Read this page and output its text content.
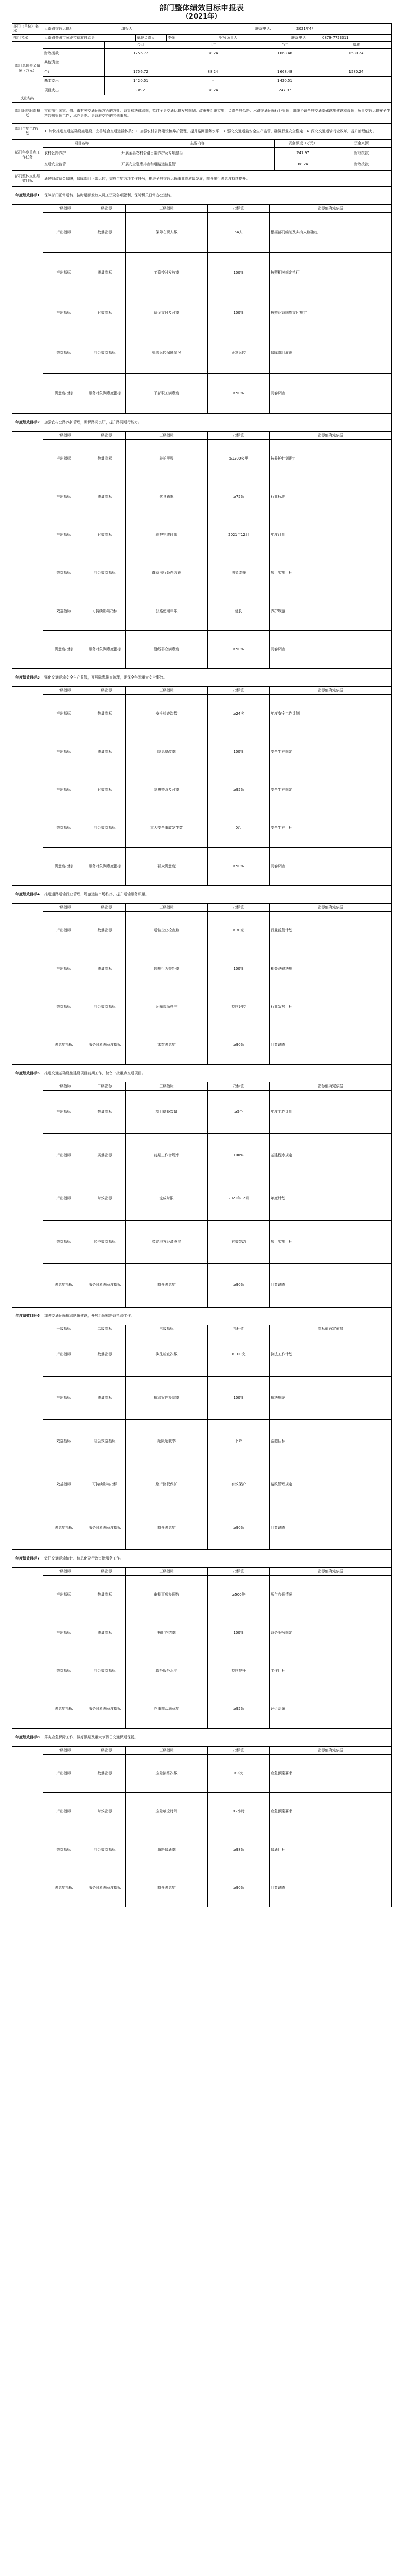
部门整体绩效目标申报表
（2021年）
部门（单位）名称	云南省交通运输厅	填报人：		联系电话：	2021年4月
部门名称	云南省普洱市澜沧拉祜族自治县	单位负责人	李强	财务负责人		联系电话	0879-7723311
部门总体资金情况（万元）		合计	上年	当年	增减
	财政拨款	1756.72	88.24	1668.48	1580.24
	其他资金				
	合计	1756.72	88.24	1668.48	1580.24
	基本支出	1420.51	-	1420.51	
	项目支出	336.21	88.24	247.97	
支出结构					
部门职能职责概述	贯彻执行国家、省、市有关交通运输方面的方针、政策和法律法规，拟订全县交通运输发展规划、政策并组织实施；负责全县公路、水路交通运输行业管理；组织协调全县交通基础设施建设和管理；负责交通运输安全生产监督管理工作；承办县委、县政府交办的其他事项。
部门年度工作计划	1. 加快推进交通基础设施建设，完善综合交通运输体系；2. 加强农村公路建设和养护管理，提升路网服务水平；3. 强化交通运输安全生产监管，确保行业安全稳定；4. 深化交通运输行业改革，提升治理能力。
部门年度重点工作任务	项目名称	主要内容	资金额度（万元）	资金来源
	农村公路养护	开展全县农村公路日常养护及专项整治	247.97	财政拨款
	交通安全监管	开展安全隐患排查和道路运输监管	88.24	财政拨款
部门整体支出绩效目标	通过财政资金保障，保障部门正常运转，完成年度各项工作任务，推进全县交通运输事业高质量发展，群众出行满意度持续提升。
年度绩效目标1	保障部门正常运转，按时足额发放人员工资及各项福利，保障机关日常办公运转。				
	一级指标	二级指标	三级指标	指标值	指标值确定依据
	产出指标	数量指标	保障在职人数	54人	根据部门编制及实有人数确定
	产出指标	质量指标	工资按时发放率	100%	按照相关规定执行
	产出指标	时效指标	资金支付及时率	100%	按照财政国库支付规定
	效益指标	社会效益指标	机关运转保障情况	正常运转	保障部门履职
	满意度指标	服务对象满意度指标	干部职工满意度	≥90%	问卷调查
年度绩效目标2	加强农村公路养护管理，确保路况良好，提升路网通行能力。				
	一级指标	二级指标	三级指标	指标值	指标值确定依据
	产出指标	数量指标	养护里程	≥1200公里	按养护计划确定
	产出指标	质量指标	优良路率	≥75%	行业标准
	产出指标	时效指标	养护完成时限	2021年12月	年度计划
	效益指标	社会效益指标	群众出行条件改善	明显改善	项目实施目标
	效益指标	可持续影响指标	公路使用年限	延长	养护规范
	满意度指标	服务对象满意度指标	沿线群众满意度	≥90%	问卷调查
年度绩效目标3	强化交通运输安全生产监管，开展隐患排查治理，确保全年无重大安全事故。				
	一级指标	二级指标	三级指标	指标值	指标值确定依据
	产出指标	数量指标	安全检查次数	≥24次	年度安全工作计划
	产出指标	质量指标	隐患整改率	100%	安全生产规定
	产出指标	时效指标	隐患整改及时率	≥95%	安全生产规定
	效益指标	社会效益指标	重大安全事故发生数	0起	安全生产目标
	满意度指标	服务对象满意度指标	群众满意度	≥90%	问卷调查
年度绩效目标4	推进道路运输行业管理，规范运输市场秩序，提升运输服务质量。				
	一级指标	二级指标	三级指标	指标值	指标值确定依据
	产出指标	数量指标	运输企业检查数	≥30家	行业监管计划
	产出指标	质量指标	违规行为查处率	100%	相关法律法规
	效益指标	社会效益指标	运输市场秩序	持续好转	行业发展目标
	满意度指标	服务对象满意度指标	乘客满意度	≥90%	问卷调查
年度绩效目标5	推进交通基础设施建设项目前期工作，储备一批重点交通项目。				
	一级指标	二级指标	三级指标	指标值	指标值确定依据
	产出指标	数量指标	项目储备数量	≥5个	年度工作计划
	产出指标	质量指标	前期工作合规率	100%	基建程序规定
	产出指标	时效指标	完成时限	2021年12月	年度计划
	效益指标	经济效益指标	带动地方经济发展	有效带动	项目实施目标
	满意度指标	服务对象满意度指标	群众满意度	≥90%	问卷调查
年度绩效目标6	加强交通运输执法队伍建设，开展治超和路政执法工作。				
	一级指标	二级指标	三级指标	指标值	指标值确定依据
	产出指标	数量指标	执法检查次数	≥100次	执法工作计划
	产出指标	质量指标	执法案件办结率	100%	执法规范
	效益指标	社会效益指标	超限超载率	下降	治超目标
	效益指标	可持续影响指标	路产路权保护	有效保护	路政管理规定
	满意度指标	服务对象满意度指标	群众满意度	≥90%	问卷调查
年度绩效目标7	做好交通运输统计、信息化及行政审批服务工作。				
	一级指标	二级指标	三级指标	指标值	指标值确定依据
	产出指标	数量指标	审批事项办理数	≥500件	历年办理情况
	产出指标	质量指标	按时办结率	100%	政务服务规定
	效益指标	社会效益指标	政务服务水平	持续提升	工作目标
	满意度指标	服务对象满意度指标	办事群众满意度	≥95%	评价系统
年度绩效目标8	落实应急保障工作，做好汛期及重大节假日交通保通保畅。				
	一级指标	二级指标	三级指标	指标值	指标值确定依据
	产出指标	数量指标	应急演练次数	≥2次	应急预案要求
	产出指标	时效指标	应急响应时间	≤2小时	应急预案要求
	效益指标	社会效益指标	道路保通率	≥98%	保通目标
	满意度指标	服务对象满意度指标	群众满意度	≥90%	问卷调查
